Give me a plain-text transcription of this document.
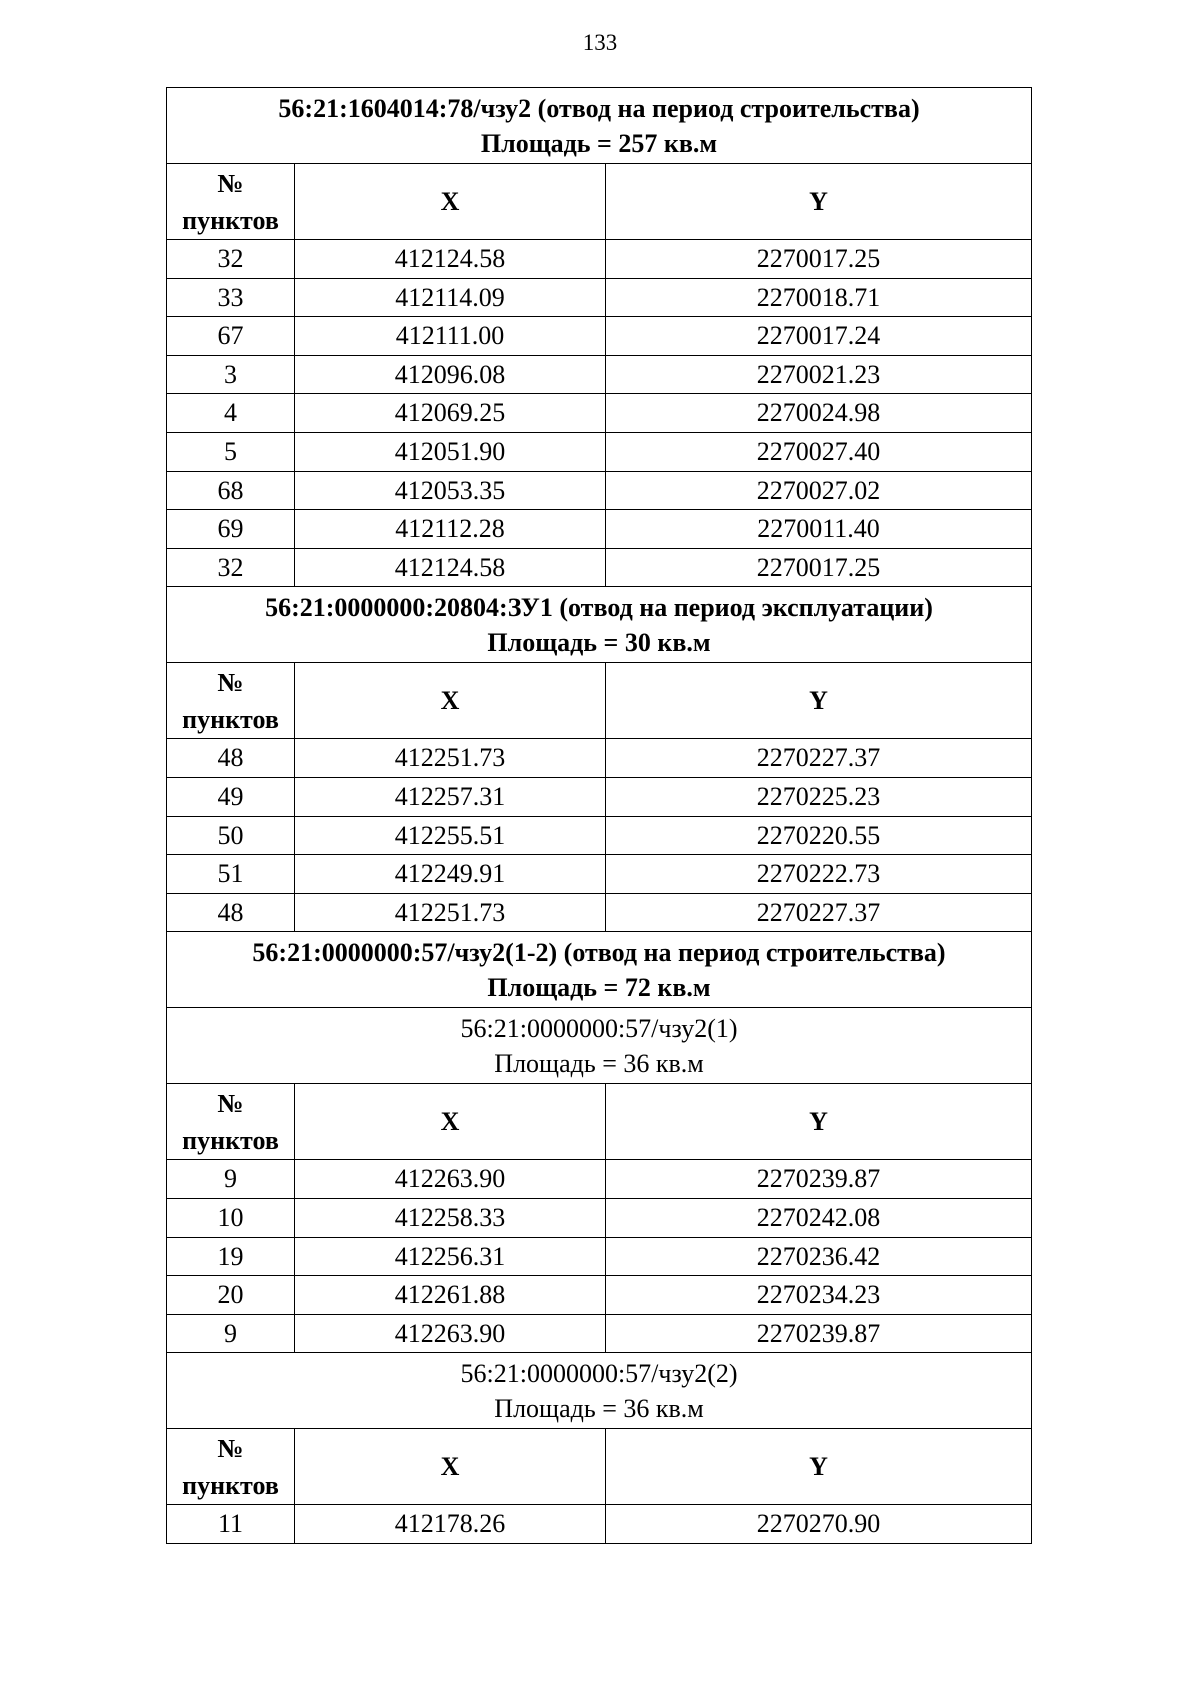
133
56:21:1604014:78/чзу2 (отвод на период строительства)
Площадь = 257 кв.м		

№
пунктов	X	Y
32	412124.58	2270017.25
33	412114.09	2270018.71
67	412111.00	2270017.24
3	412096.08	2270021.23
4	412069.25	2270024.98
5	412051.90	2270027.40
68	412053.35	2270027.02
69	412112.28	2270011.40
32	412124.58	2270017.25

56:21:0000000:20804:ЗУ1 (отвод на период эксплуатации)
Площадь = 30 кв.м		

№
пунктов	X	Y
48	412251.73	2270227.37
49	412257.31	2270225.23
50	412255.51	2270220.55
51	412249.91	2270222.73
48	412251.73	2270227.37

56:21:0000000:57/чзу2(1-2) (отвод на период строительства)
Площадь = 72 кв.м		

56:21:0000000:57/чзу2(1)
Площадь = 36 кв.м		

№
пунктов	X	Y
9	412263.90	2270239.87
10	412258.33	2270242.08
19	412256.31	2270236.42
20	412261.88	2270234.23
9	412263.90	2270239.87

56:21:0000000:57/чзу2(2)
Площадь = 36 кв.м		

№
пунктов	X	Y
11	412178.26	2270270.90
